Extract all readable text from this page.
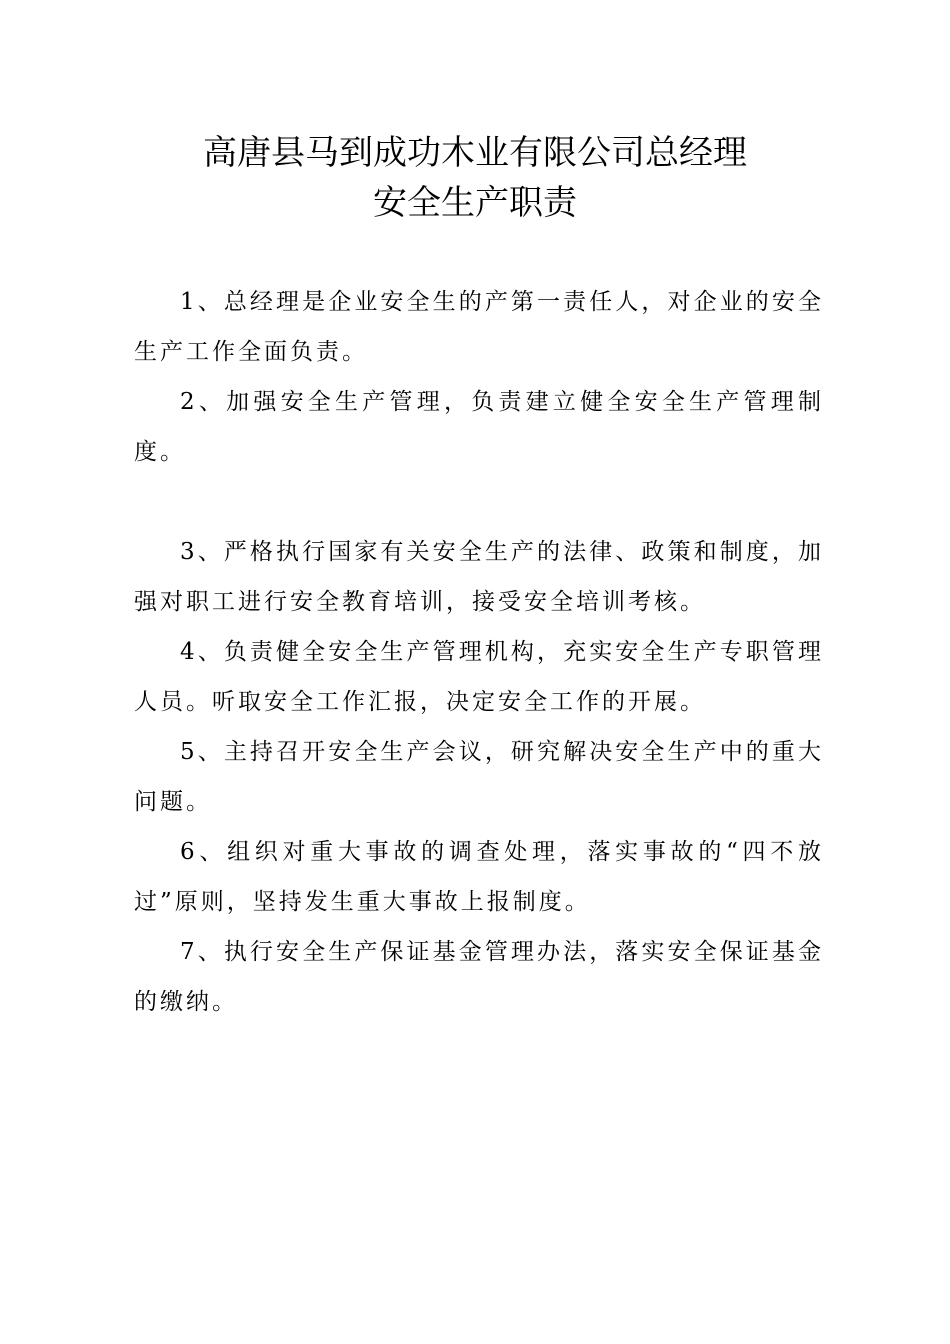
高唐县马到成功木业有限公司总经理
安全生产职责

1、总经理是企业安全生的产第一责任人，对企业的安全生产工作全面负责。

2、加强安全生产管理，负责建立健全安全生产管理制度。

3、严格执行国家有关安全生产的法律、政策和制度，加强对职工进行安全教育培训，接受安全培训考核。

4、负责健全安全生产管理机构，充实安全生产专职管理人员。听取安全工作汇报，决定安全工作的开展。

5、主持召开安全生产会议，研究解决安全生产中的重大问题。

6、组织对重大事故的调查处理，落实事故的“四不放过”原则，坚持发生重大事故上报制度。

7、执行安全生产保证基金管理办法，落实安全保证基金的缴纳。
